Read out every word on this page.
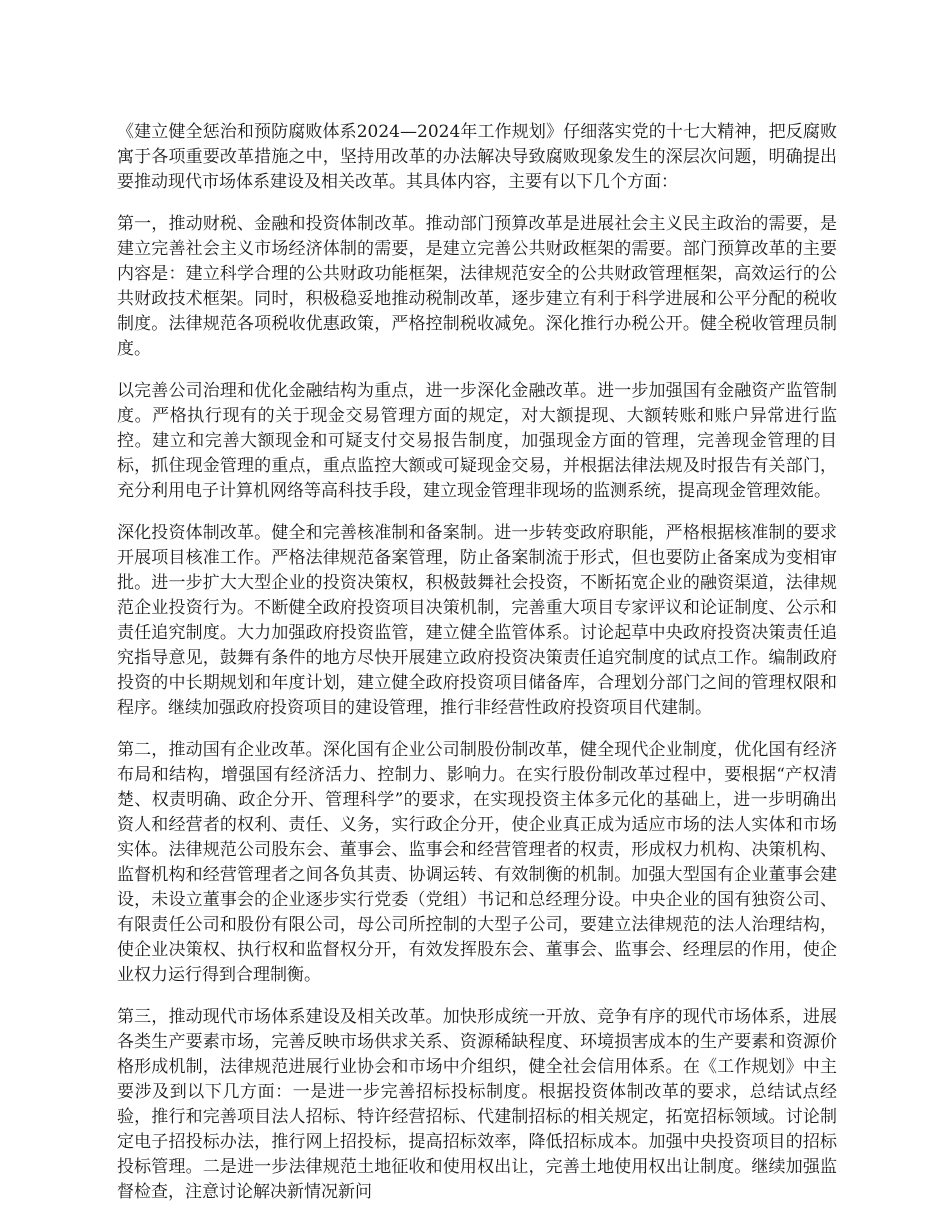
《建立健全惩治和预防腐败体系2024—2024年工作规划》仔细落实党的十七大精神，把反腐败寓于各项重要改革措施之中，坚持用改革的办法解决导致腐败现象发生的深层次问题，明确提出要推动现代市场体系建设及相关改革。其具体内容，主要有以下几个方面：

第一，推动财税、金融和投资体制改革。推动部门预算改革是进展社会主义民主政治的需要，是建立完善社会主义市场经济体制的需要，是建立完善公共财政框架的需要。部门预算改革的主要内容是：建立科学合理的公共财政功能框架，法律规范安全的公共财政管理框架，高效运行的公共财政技术框架。同时，积极稳妥地推动税制改革，逐步建立有利于科学进展和公平分配的税收制度。法律规范各项税收优惠政策，严格控制税收减免。深化推行办税公开。健全税收管理员制度。

以完善公司治理和优化金融结构为重点，进一步深化金融改革。进一步加强国有金融资产监管制度。严格执行现有的关于现金交易管理方面的规定，对大额提现、大额转账和账户异常进行监控。建立和完善大额现金和可疑支付交易报告制度，加强现金方面的管理，完善现金管理的目标，抓住现金管理的重点，重点监控大额或可疑现金交易，并根据法律法规及时报告有关部门，充分利用电子计算机网络等高科技手段，建立现金管理非现场的监测系统，提高现金管理效能。

深化投资体制改革。健全和完善核准制和备案制。进一步转变政府职能，严格根据核准制的要求开展项目核准工作。严格法律规范备案管理，防止备案制流于形式，但也要防止备案成为变相审批。进一步扩大大型企业的投资决策权，积极鼓舞社会投资，不断拓宽企业的融资渠道，法律规范企业投资行为。不断健全政府投资项目决策机制，完善重大项目专家评议和论证制度、公示和责任追究制度。大力加强政府投资监管，建立健全监管体系。讨论起草中央政府投资决策责任追究指导意见，鼓舞有条件的地方尽快开展建立政府投资决策责任追究制度的试点工作。编制政府投资的中长期规划和年度计划，建立健全政府投资项目储备库，合理划分部门之间的管理权限和程序。继续加强政府投资项目的建设管理，推行非经营性政府投资项目代建制。

第二，推动国有企业改革。深化国有企业公司制股份制改革，健全现代企业制度，优化国有经济布局和结构，增强国有经济活力、控制力、影响力。在实行股份制改革过程中，要根据“产权清楚、权责明确、政企分开、管理科学”的要求，在实现投资主体多元化的基础上，进一步明确出资人和经营者的权利、责任、义务，实行政企分开，使企业真正成为适应市场的法人实体和市场实体。法律规范公司股东会、董事会、监事会和经营管理者的权责，形成权力机构、决策机构、监督机构和经营管理者之间各负其责、协调运转、有效制衡的机制。加强大型国有企业董事会建设，未设立董事会的企业逐步实行党委（党组）书记和总经理分设。中央企业的国有独资公司、有限责任公司和股份有限公司，母公司所控制的大型子公司，要建立法律规范的法人治理结构，使企业决策权、执行权和监督权分开，有效发挥股东会、董事会、监事会、经理层的作用，使企业权力运行得到合理制衡。

第三，推动现代市场体系建设及相关改革。加快形成统一开放、竞争有序的现代市场体系，进展各类生产要素市场，完善反映市场供求关系、资源稀缺程度、环境损害成本的生产要素和资源价格形成机制，法律规范进展行业协会和市场中介组织，健全社会信用体系。在《工作规划》中主要涉及到以下几方面：一是进一步完善招标投标制度。根据投资体制改革的要求，总结试点经验，推行和完善项目法人招标、特许经营招标、代建制招标的相关规定，拓宽招标领域。讨论制定电子招投标办法，推行网上招投标，提高招标效率，降低招标成本。加强中央投资项目的招标投标管理。二是进一步法律规范土地征收和使用权出让，完善土地使用权出让制度。继续加强监督检查，注意讨论解决新情况新问
